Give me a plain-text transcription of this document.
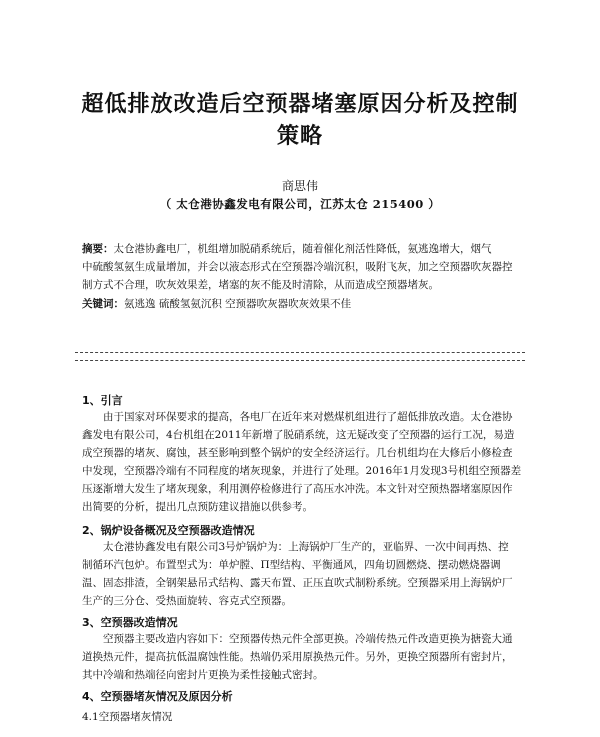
超低排放改造后空预器堵塞原因分析及控制
策略
商思伟
（ 太仓港协鑫发电有限公司，江苏太仓 215400 ）
摘要：太仓港协鑫电厂，机组增加脱硝系统后，随着催化剂活性降低，氨逃逸增大，烟气
中硫酸氢氨生成量增加，并会以液态形式在空预器冷端沉积，吸附飞灰，加之空预器吹灰器控
制方式不合理，吹灰效果差，堵塞的灰不能及时清除，从而造成空预器堵灰。
关键词：氨逃逸 硫酸氢氨沉积 空预器吹灰器吹灰效果不佳
1、引言
由于国家对环保要求的提高，各电厂在近年来对燃煤机组进行了超低排放改造。太仓港协
鑫发电有限公司，4台机组在2011年新增了脱硝系统，这无疑改变了空预器的运行工况，易造
成空预器的堵灰、腐蚀，甚至影响到整个锅炉的安全经济运行。几台机组均在大修后小修检查
中发现，空预器冷端有不同程度的堵灰现象，并进行了处理。2016年1月发现3号机组空预器差
压逐渐增大发生了堵灰现象，利用测停检修进行了高压水冲洗。本文针对空预热器堵塞原因作
出简要的分析，提出几点预防建议措施以供参考。
2、锅炉设备概况及空预器改造情况
太仓港协鑫发电有限公司3号炉锅炉为：上海锅炉厂生产的，亚临界、一次中间再热、控
制循环汽包炉。布置型式为：单炉膛、Π型结构、平衡通风，四角切圆燃烧、摆动燃烧器调
温、固态排渣，全钢架悬吊式结构、露天布置、正压直吹式制粉系统。空预器采用上海锅炉厂
生产的三分仓、受热面旋转、容克式空预器。
3、空预器改造情况
空预器主要改造内容如下：空预器传热元件全部更换。冷端传热元件改造更换为搪瓷大通
道换热元件，提高抗低温腐蚀性能。热端仍采用原换热元件。另外，更换空预器所有密封片，
其中冷端和热端径向密封片更换为柔性接触式密封。
4、空预器堵灰情况及原因分析
4.1空预器堵灰情况
